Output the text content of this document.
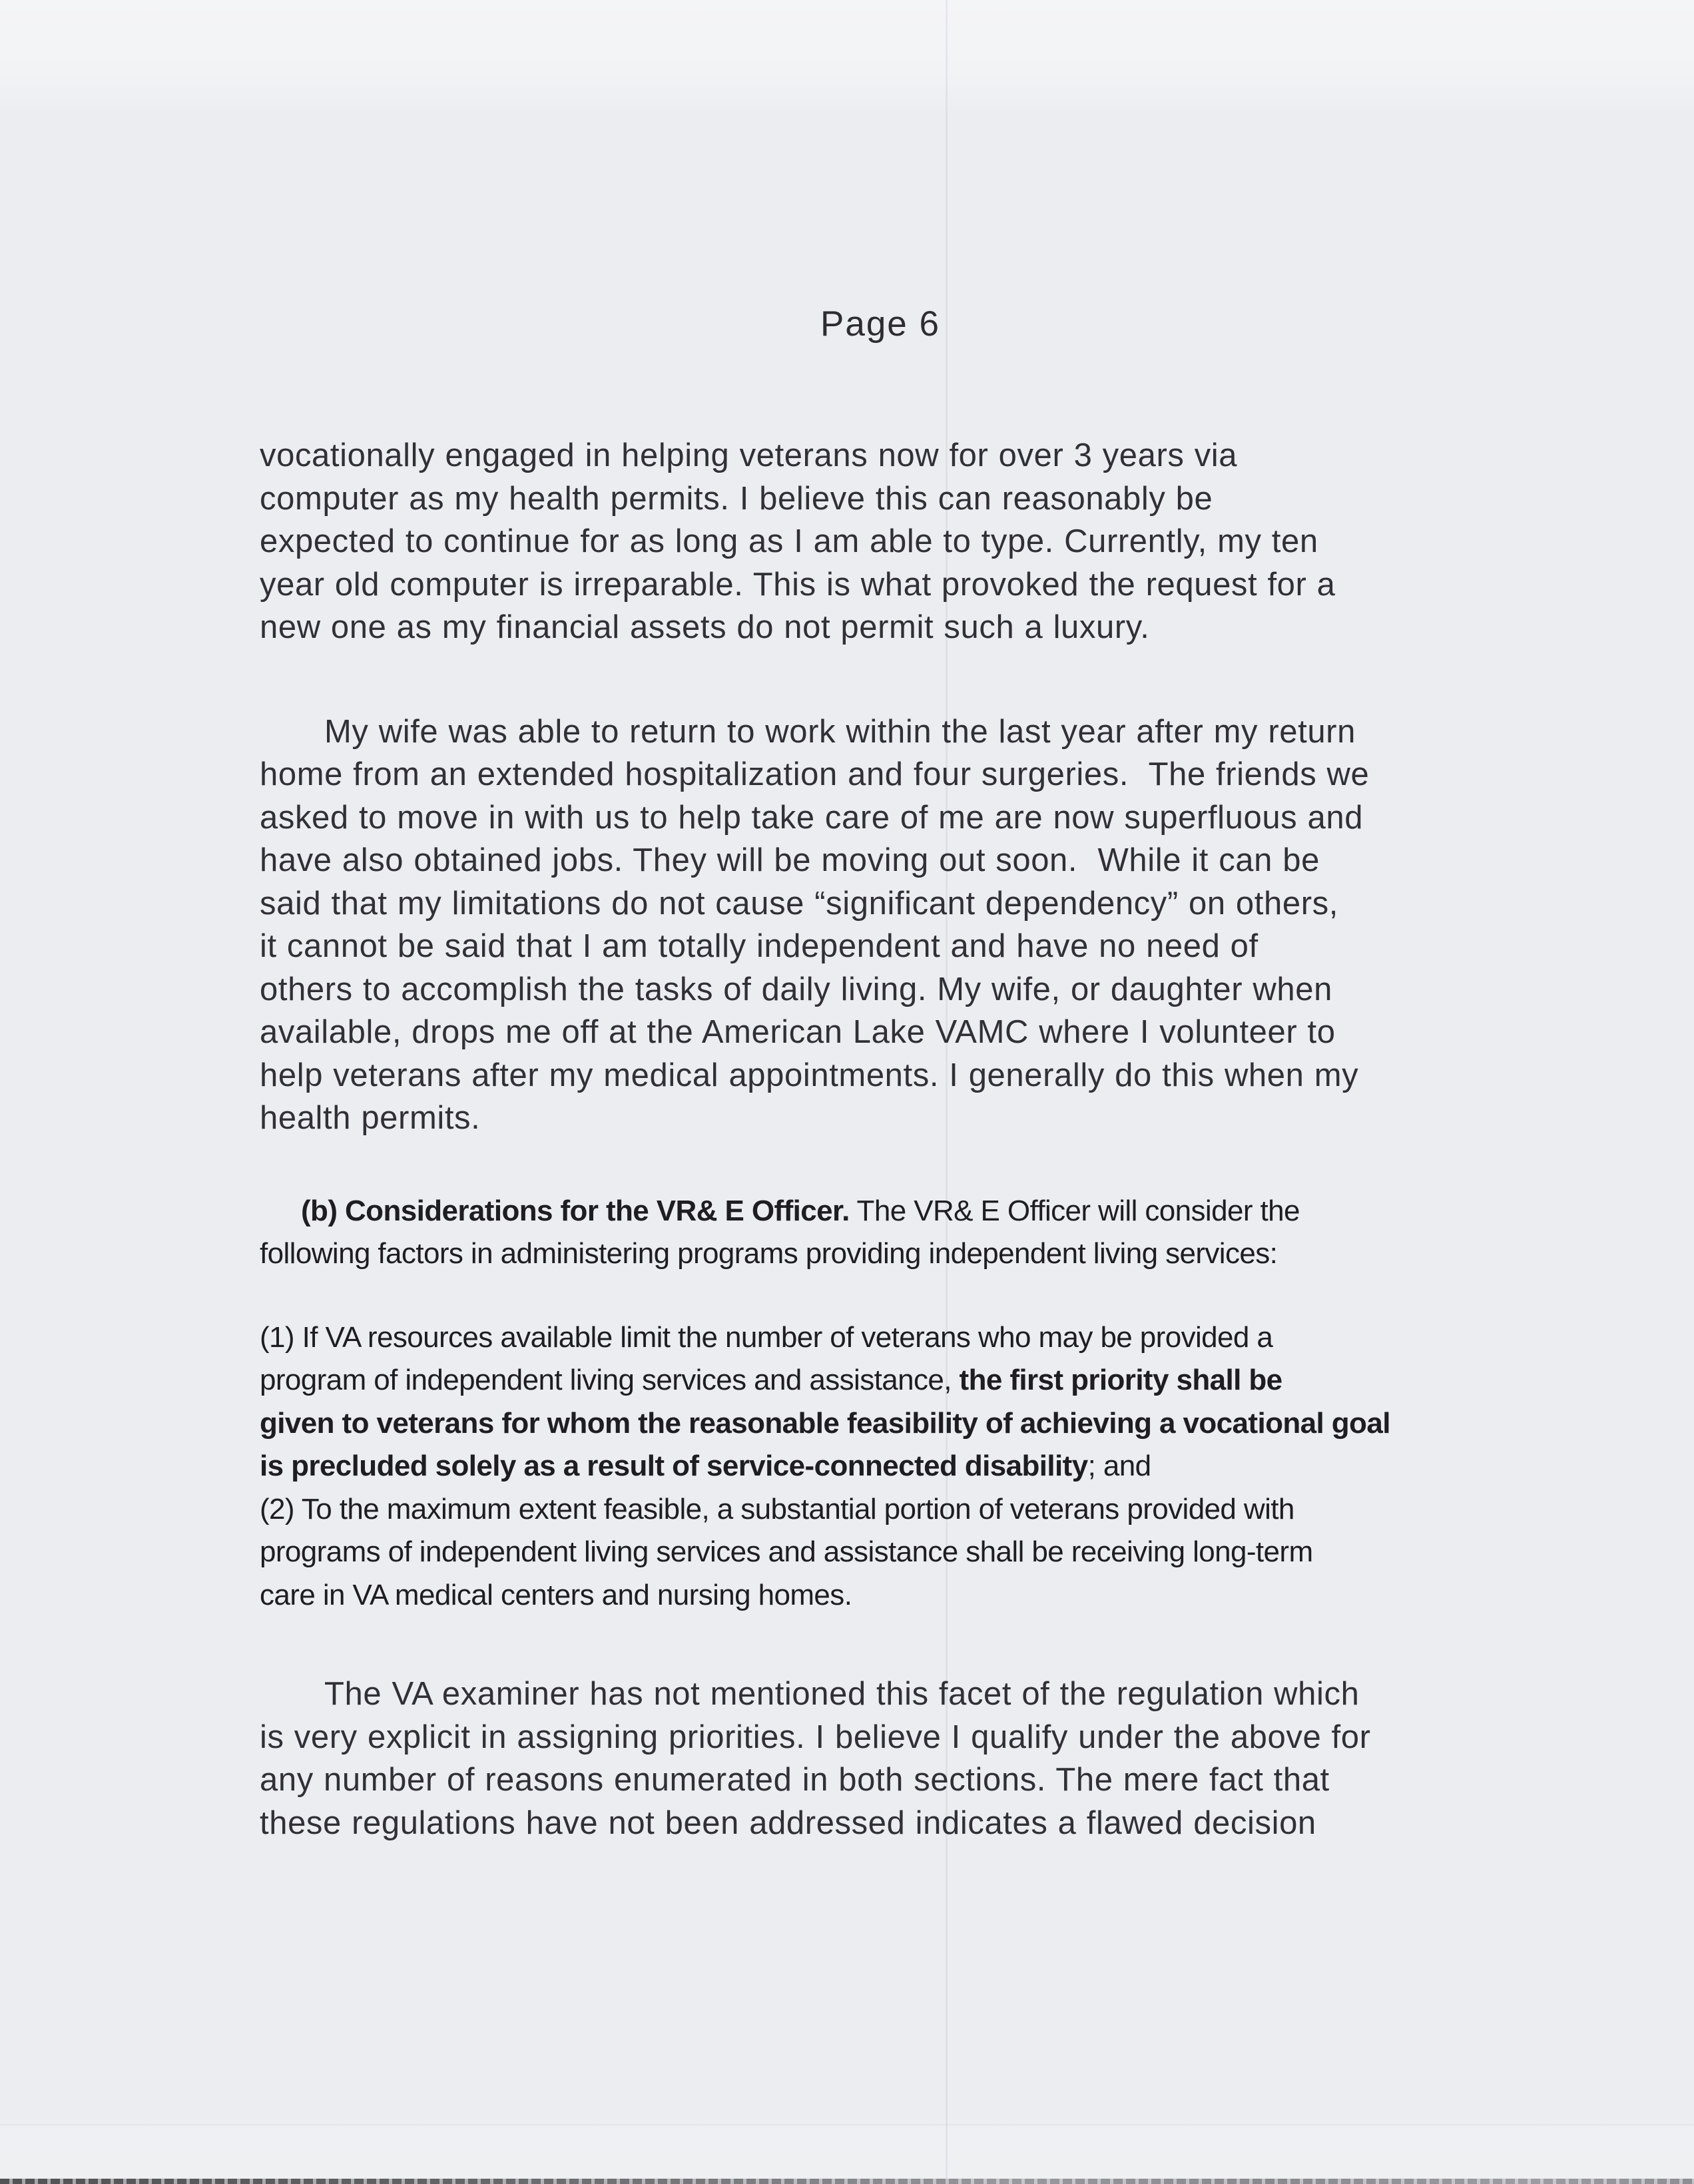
Page 6
vocationally engaged in helping veterans now for over 3 years via
computer as my health permits. I believe this can reasonably be
expected to continue for as long as I am able to type. Currently, my ten
year old computer is irreparable. This is what provoked the request for a
new one as my financial assets do not permit such a luxury.
My wife was able to return to work within the last year after my return
home from an extended hospitalization and four surgeries.  The friends we
asked to move in with us to help take care of me are now superfluous and
have also obtained jobs. They will be moving out soon.  While it can be
said that my limitations do not cause “significant dependency” on others,
it cannot be said that I am totally independent and have no need of
others to accomplish the tasks of daily living. My wife, or daughter when
available, drops me off at the American Lake VAMC where I volunteer to
help veterans after my medical appointments. I generally do this when my
health permits.
(b) Considerations for the VR& E Officer. The VR& E Officer will consider the
following factors in administering programs providing independent living services:
(1) If VA resources available limit the number of veterans who may be provided a
program of independent living services and assistance, the first priority shall be
given to veterans for whom the reasonable feasibility of achieving a vocational goal
is precluded solely as a result of service-connected disability; and
(2) To the maximum extent feasible, a substantial portion of veterans provided with
programs of independent living services and assistance shall be receiving long-term
care in VA medical centers and nursing homes.
The VA examiner has not mentioned this facet of the regulation which
is very explicit in assigning priorities. I believe I qualify under the above for
any number of reasons enumerated in both sections. The mere fact that
these regulations have not been addressed indicates a flawed decision
